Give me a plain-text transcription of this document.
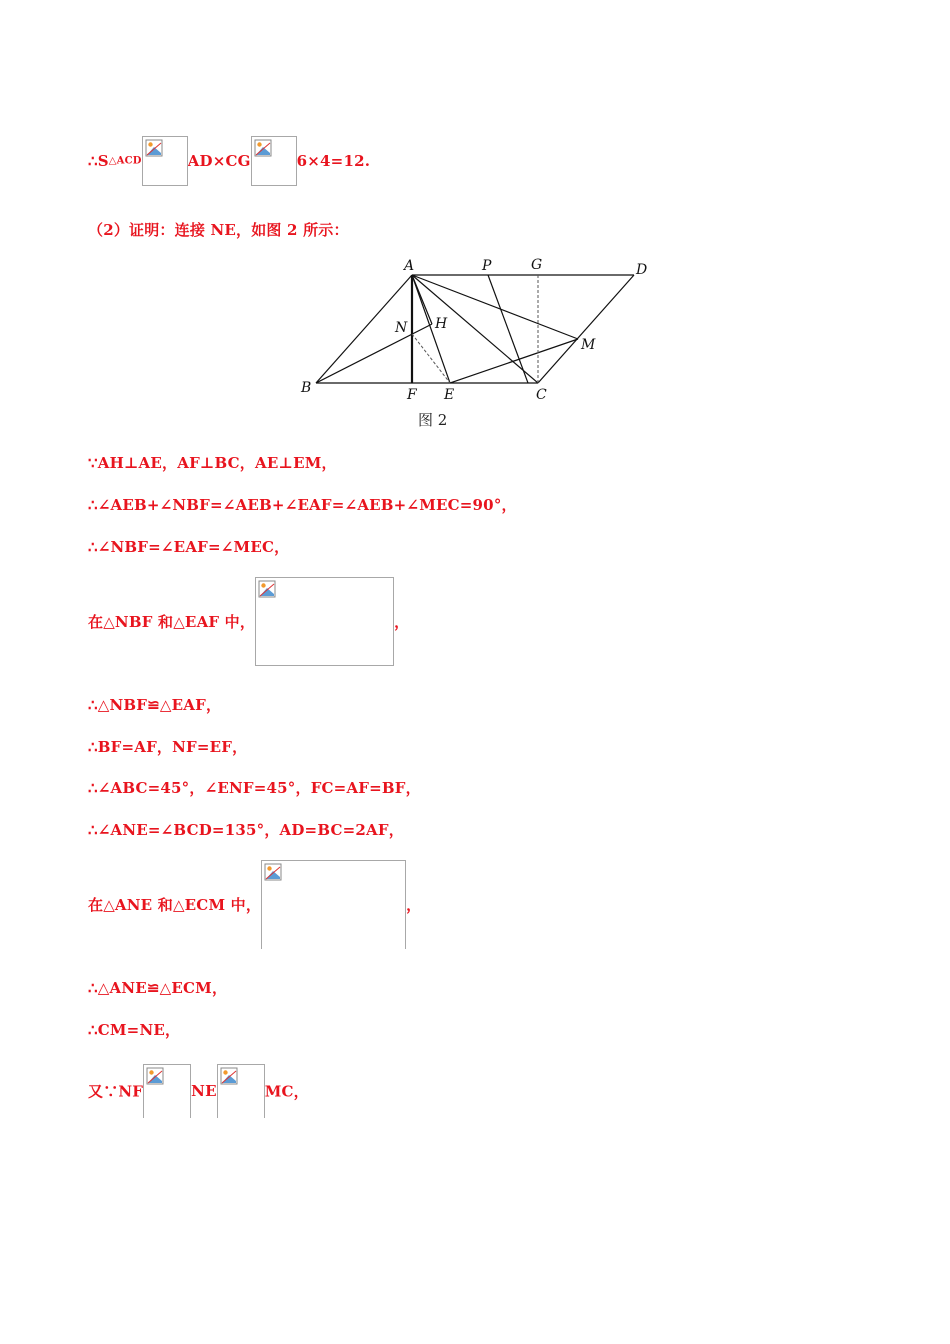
∴S△ACD	AD×CG	6×4=12.
（2）证明：连接 NE，如图 2 所示：
A	P	G	D
N H
M
B	F E	C
图 2
∵AH⊥AE，AF⊥BC，AE⊥EM，
∴∠AEB+∠NBF=∠AEB+∠EAF=∠AEB+∠MEC=90°，
∴∠NBF=∠EAF=∠MEC，
在△NBF 和△EAF 中，	，
∴△NBF≌△EAF，
∴BF=AF，NF=EF，
∴∠ABC=45°，∠ENF=45°，FC=AF=BF，
∴∠ANE=∠BCD=135°，AD=BC=2AF，
在△ANE 和△ECM 中，	，
∴△ANE≌△ECM，
∴CM=NE，
又∵NF	NE	MC，
